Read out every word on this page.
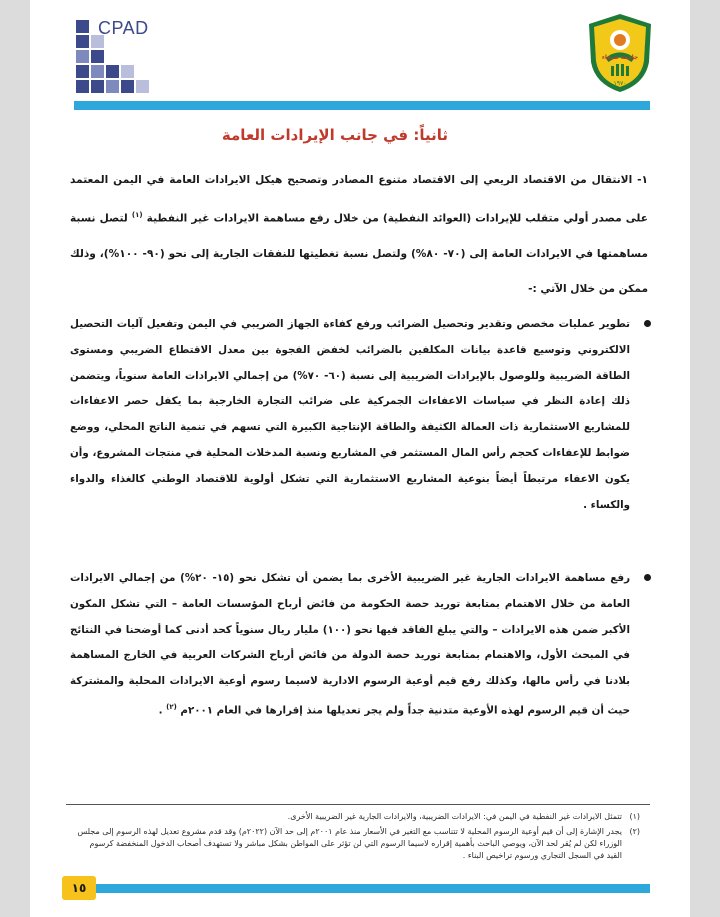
CPAD
١٩٧٠
جامعة صنعاء
ثانياً: في جانب الإيرادات العامة
١- الانتقال من الاقتصاد الريعي إلى الاقتصاد متنوع المصادر وتصحيح هيكل الايرادات العامة في اليمن المعتمد على مصدر أولي متقلب للإيرادات (العوائد النفطية) من خلال رفع مساهمة الايرادات غير النفطية $^{(١)}$ لتصل نسبة مساهمتها في الايرادات العامة إلى (٧٠- ٨٠%) ولتصل نسبة تغطيتها للنفقات الجارية إلى نحو (٩٠- ١٠٠%)، وذلك ممكن من خلال الآتي :-
تطوير عمليات مخصص وتقدير وتحصيل الضرائب ورفع كفاءة الجهاز الضريبي في اليمن وتفعيل آليات التحصيل الالكتروني وتوسيع قاعدة بيانات المكلفين بالضرائب لخفض الفجوة بين معدل الاقتطاع الضريبي ومستوى الطاقة الضريبية وللوصول بالإيرادات الضريبية إلى نسبة (٦٠- ٧٠%) من إجمالي الايرادات العامة سنوياً، ويتضمن ذلك إعادة النظر في سياسات الاعفاءات الجمركية على ضرائب التجارة الخارجية بما يكفل حصر الاعفاءات للمشاريع الاستثمارية ذات العمالة الكثيفة والطاقة الإنتاجية الكبيرة التي تسهم في تنمية الناتج المحلي، ووضع ضوابط للإعفاءات كحجم رأس المال المستثمر في المشاريع ونسبة المدخلات المحلية في منتجات المشروع، وأن يكون الاعفاء مرتبطاً أيضاً بنوعية المشاريع الاستثمارية التي تشكل أولوية للاقتصاد الوطني كالغذاء والدواء والكساء .
رفع مساهمة الايرادات الجارية غير الضريبية الأخرى بما يضمن أن تشكل نحو (١٥- ٢٠%) من إجمالي الايرادات العامة من خلال الاهتمام بمتابعة توريد حصة الحكومة من فائض أرباح المؤسسات العامة – التي تشكل المكون الأكبر ضمن هذه الايرادات – والتي يبلغ الفاقد فيها نحو (١٠٠) مليار ريال سنوياً كحد أدنى كما أوضحنا في النتائج في المبحث الأول، والاهتمام بمتابعة توريد حصة الدولة من فائض أرباح الشركات العربية في الخارج المساهمة بلادنا في رأس مالها، وكذلك رفع قيم أوعية الرسوم الادارية لاسيما رسوم أوعية الايرادات المحلية والمشتركة حيث أن قيم الرسوم لهذه الأوعية متدنية جداً ولم يجر تعديلها منذ إقرارها في العام ٢٠٠١م $^{(٢)}$ .
(١)
تتمثل الايرادات غير النفطية في اليمن في: الايرادات الضريبية، والايرادات الجارية غير الضريبية الأخرى.
(٢)
يجدر الإشارة إلى أن قيم أوعية الرسوم المحلية لا تتناسب مع التغير في الأسعار منذ عام ٢٠٠١م إلى حد الآن (٢٠٢٢م) وقد قدم مشروع تعديل لهذه الرسوم إلى مجلس الوزراء لكن لم يُقر لحد الآن، ويوصي الباحث بأهمية إقراره لاسيما الرسوم التي لن تؤثر على المواطن بشكل مباشر ولا تستهدف أصحاب الدخول المنخفضة كرسوم القيد في السجل التجاري ورسوم تراخيص البناء .
١٥
